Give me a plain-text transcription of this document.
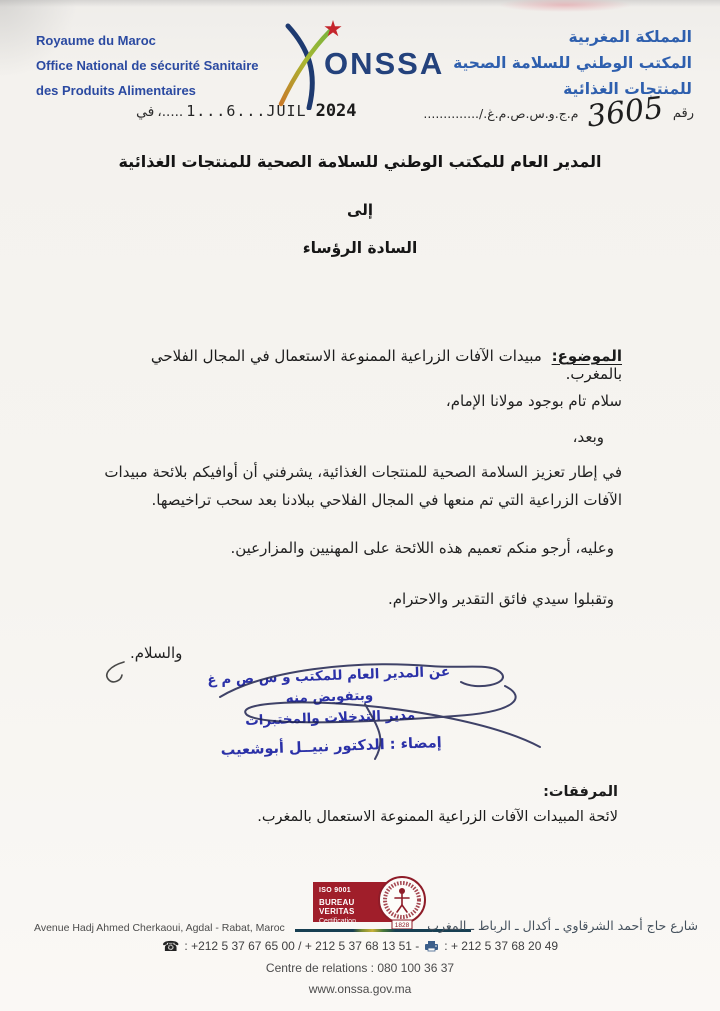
Royaume du Maroc
Office National de sécurité Sanitaire
des Produits Alimentaires
ONSSA
المملكة المغربية
المكتب الوطني للسلامة الصحية
للمنتجات الغذائية
في ،..... 1...6...JUIL 2024	رقم
3605
م.ج.و.س.ص.م.غ./..............
المدير العام للمكتب الوطني للسلامة الصحية للمنتجات الغذائية
إلى
السادة الرؤساء
الموضوع: مبيدات الآفات الزراعية الممنوعة الاستعمال في المجال الفلاحي بالمغرب.
سلام تام بوجود مولانا الإمام،
وبعد،
في إطار تعزيز السلامة الصحية للمنتجات الغذائية، يشرفني أن أوافيكم بلائحة مبيدات الآفات الزراعية التي تم منعها في المجال الفلاحي ببلادنا بعد سحب تراخيصها.
وعليه، أرجو منكم تعميم هذه اللائحة على المهنيين والمزارعين.
وتقبلوا سيدي فائق التقدير والاحترام.
والسلام.
عن المدير العام للمكتب و س ص م غ
وبتفويض منه
مدير التدخلات والمختبرات
إمضاء : الدكتور نبيــل أبوشعيب
المرفقات:
لائحة المبيدات الآفات الزراعية الممنوعة الاستعمال بالمغرب.
ISO 9001
BUREAU VERITAS
Certification
1828
Avenue Hadj Ahmed Cherkaoui, Agdal - Rabat, Maroc	شارع حاج أحمد الشرقاوي ـ أكدال ـ الرباط ـ المغرب
☎ : +212 5 37 67 65 00 / + 212 5 37 68 13 51 - : + 212 5 37 68 20 49
Centre de relations : 080 100 36 37
www.onssa.gov.ma
